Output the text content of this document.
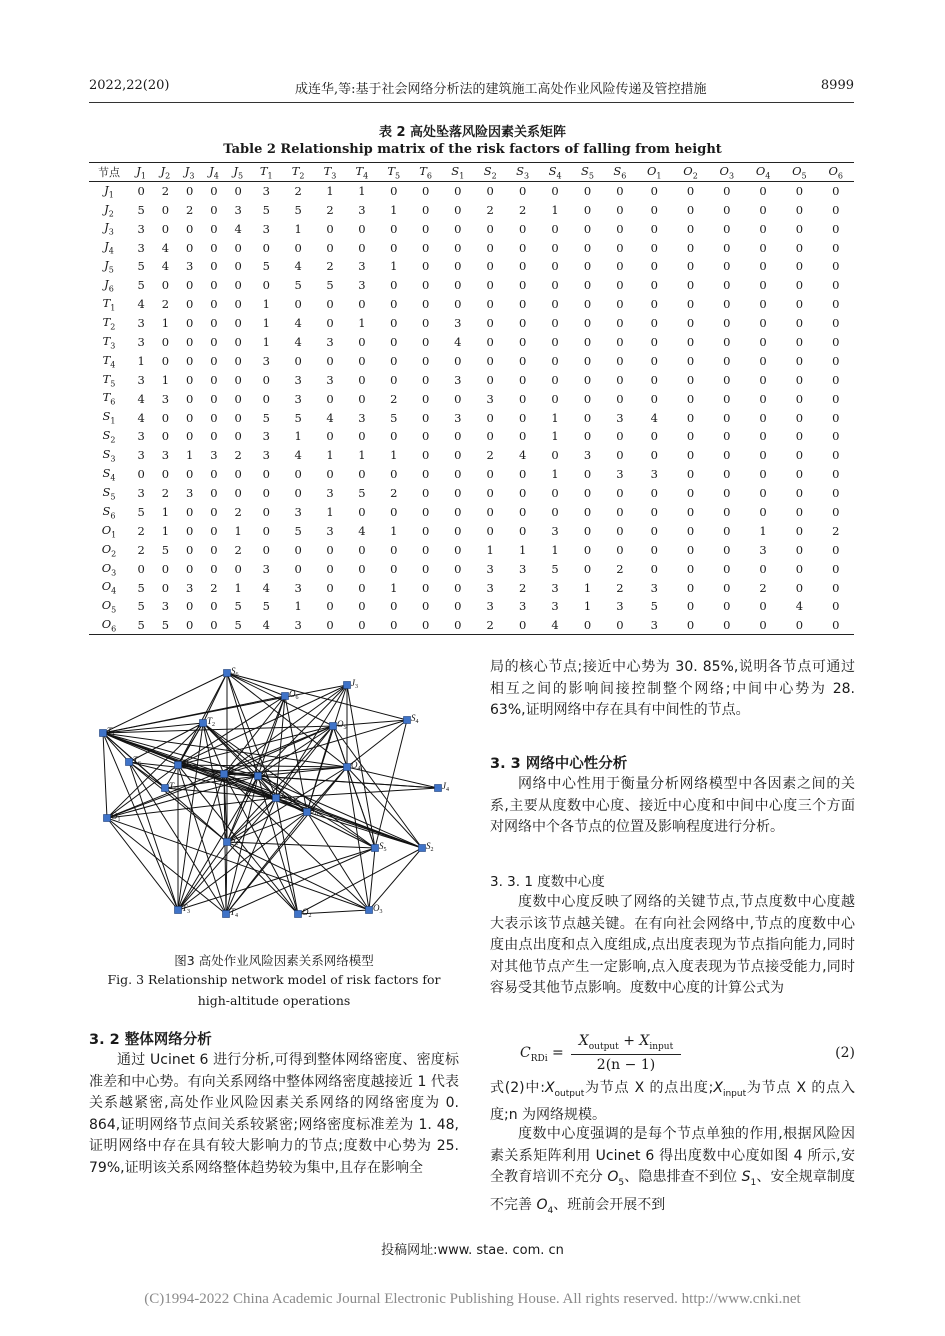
2022,22(20)	成连华,等:基于社会网络分析法的建筑施工高处作业风险传递及管控措施	8999
表 2 高处坠落风险因素关系矩阵
Table 2 Relationship matrix of the risk factors of falling from height
节点	$J_1$	$J_2$	$J_3$	$J_4$	$J_5$	$T_1$	$T_2$	$T_3$	$T_4$	$T_5$	$T_6$	$S_1$	$S_2$	$S_3$	$S_4$	$S_5$	$S_6$	$O_1$	$O_2$	$O_3$	$O_4$	$O_5$	$O_6$
$J_1$	0	2	0	0	0	3	2	1	1	0	0	0	0	0	0	0	0	0	0	0	0	0	0
$J_2$	5	0	2	0	3	5	5	2	3	1	0	0	2	2	1	0	0	0	0	0	0	0	0
$J_3$	3	0	0	0	4	3	1	0	0	0	0	0	0	0	0	0	0	0	0	0	0	0	0
$J_4$	3	4	0	0	0	0	0	0	0	0	0	0	0	0	0	0	0	0	0	0	0	0	0
$J_5$	5	4	3	0	0	5	4	2	3	1	0	0	0	0	0	0	0	0	0	0	0	0	0
$J_6$	5	0	0	0	0	0	5	5	3	0	0	0	0	0	0	0	0	0	0	0	0	0	0
$T_1$	4	2	0	0	0	1	0	0	0	0	0	0	0	0	0	0	0	0	0	0	0	0	0
$T_2$	3	1	0	0	0	1	4	0	1	0	0	3	0	0	0	0	0	0	0	0	0	0	0
$T_3$	3	0	0	0	0	1	4	3	0	0	0	4	0	0	0	0	0	0	0	0	0	0	0
$T_4$	1	0	0	0	0	3	0	0	0	0	0	0	0	0	0	0	0	0	0	0	0	0	0
$T_5$	3	1	0	0	0	0	3	3	0	0	0	3	0	0	0	0	0	0	0	0	0	0	0
$T_6$	4	3	0	0	0	0	3	0	0	2	0	0	3	0	0	0	0	0	0	0	0	0	0
$S_1$	4	0	0	0	0	5	5	4	3	5	0	3	0	0	1	0	3	4	0	0	0	0	0
$S_2$	3	0	0	0	0	3	1	0	0	0	0	0	0	0	1	0	0	0	0	0	0	0	0
$S_3$	3	3	1	3	2	3	4	1	1	1	0	0	2	4	0	3	0	0	0	0	0	0	0
$S_4$	0	0	0	0	0	0	0	0	0	0	0	0	0	0	1	0	3	3	0	0	0	0	0
$S_5$	3	2	3	0	0	0	0	3	5	2	0	0	0	0	0	0	0	0	0	0	0	0	0
$S_6$	5	1	0	0	2	0	3	1	0	0	0	0	0	0	0	0	0	0	0	0	0	0	0
$O_1$	2	1	0	0	1	0	5	3	4	1	0	0	0	0	3	0	0	0	0	0	1	0	2
$O_2$	2	5	0	0	2	0	0	0	0	0	0	0	1	1	1	0	0	0	0	0	3	0	0
$O_3$	0	0	0	0	0	3	0	0	0	0	0	0	3	3	5	0	2	0	0	0	0	0	0
$O_4$	5	0	3	2	1	4	3	0	0	1	0	0	3	2	3	1	2	3	0	0	2	0	0
$O_5$	5	3	0	0	5	5	1	0	0	0	0	0	3	3	3	1	3	5	0	0	0	4	0
$O_6$	5	5	0	0	5	4	3	0	0	0	0	0	2	0	4	0	0	3	0	0	0	0	0
$S_6$
$O_6$
$J_3$
$T_1$
$T_2$	$O_5$
$S_4$
$T_6$	$J_5$	$S_3$	$J_1$
$T_5$
$O_4$
$J_4$
$J_2$
$O_1$
$J_6$
$S_1$	$S_5$	$S_2$
$T_3$	$T_4$	$O_2$
$O_3$
图3 高处作业风险因素关系网络模型
Fig. 3 Relationship network model of risk factors for
high-altitude operations
3. 2 整体网络分析
通过 Ucinet 6 进行分析,可得到整体网络密度、密度标准差和中心势。有向关系网络中整体网络密度越接近 1 代表关系越紧密,高处作业风险因素关系网络的网络密度为 0. 864,证明网络节点间关系较紧密;网络密度标准差为 1. 48,证明网络中存在具有较大影响力的节点;度数中心势为 25. 79%,证明该关系网络整体趋势较为集中,且存在影响全
局的核心节点;接近中心势为 30. 85%,说明各节点可通过相互之间的影响间接控制整个网络;中间中心势为 28. 63%,证明网络中存在具有中间性的节点。
3. 3 网络中心性分析
网络中心性用于衡量分析网络模型中各因素之间的关系,主要从度数中心度、接近中心度和中间中心度三个方面对网络中个各节点的位置及影响程度进行分析。
3. 3. 1 度数中心度
度数中心度反映了网络的关键节点,节点度数中心度越大表示该节点越关键。在有向社会网络中,节点的度数中心度由点出度和点入度组成,点出度表现为节点指向能力,同时对其他节点产生一定影响,点入度表现为节点接受能力,同时容易受其他节点影响。度数中心度的计算公式为
$C_{RDi}$ =
$X_{output} + X_{input}$
2(n − 1)
(2)
式(2)中$:X_{output}$为节点 X 的点出度$;X_{input}$为节点 X 的点入度;n 为网络规模。
度数中心度强调的是每个节点单独的作用,根据风险因素关系矩阵利用 Ucinet 6 得出度数中心度如图 4 所示,安全教育培训不充分 $O_5$、隐患排查不到位 $S_1$、安全规章制度不完善 $O_4$、班前会开展不到
投稿网址:www. stae. com. cn
(C)1994-2022 China Academic Journal Electronic Publishing House. All rights reserved. http://www.cnki.net
